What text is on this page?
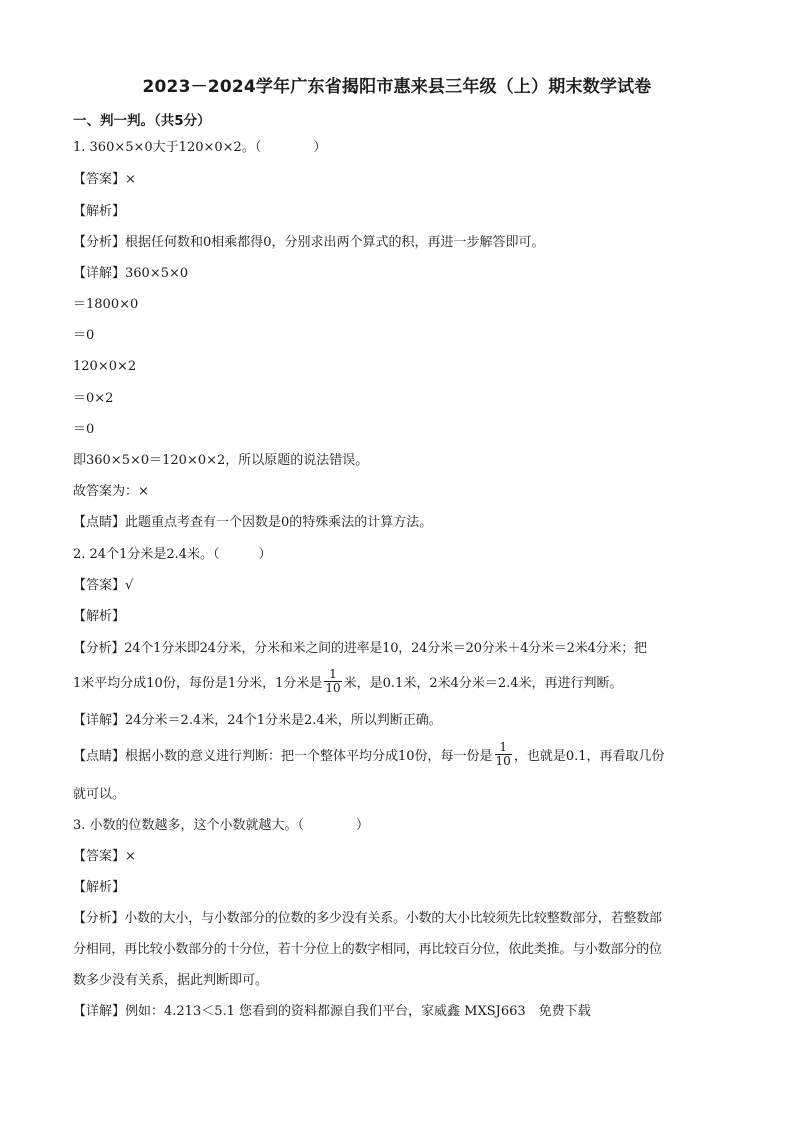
2023－2024学年广东省揭阳市惠来县三年级（上）期末数学试卷
一、判一判。（共5分）
1. 360×5×0大于120×0×2。（　　　　）
【答案】×
【解析】
【分析】根据任何数和0相乘都得0，分别求出两个算式的积，再进一步解答即可。
【详解】360×5×0
＝1800×0
＝0
120×0×2
＝0×2
＝0
即360×5×0＝120×0×2，所以原题的说法错误。
故答案为：×
【点睛】此题重点考查有一个因数是0的特殊乘法的计算方法。
2. 24个1分米是2.4米。（　　　）
【答案】√
【解析】
【分析】24个1分米即24分米，分米和米之间的进率是10，24分米＝20分米＋4分米＝2米4分米；把
1米平均分成10份，每份是1分米，1分米是 $\frac{1}{10}$ 米，是0.1米，2米4分米＝2.4米，再进行判断。
【详解】24分米＝2.4米，24个1分米是2.4米，所以判断正确。
【点睛】根据小数的意义进行判断：把一个整体平均分成10份，每一份是 $\frac{1}{10}$ ，也就是0.1，再看取几份
就可以。
3. 小数的位数越多，这个小数就越大。（　　　　）
【答案】×
【解析】
【分析】小数的大小，与小数部分的位数的多少没有关系。小数的大小比较须先比较整数部分，若整数部
分相同，再比较小数部分的十分位，若十分位上的数字相同，再比较百分位，依此类推。与小数部分的位
数多少没有关系，据此判断即可。
【详解】例如：4.213＜5.1 您看到的资料都源自我们平台，家威鑫 MXSJ663　免费下载
